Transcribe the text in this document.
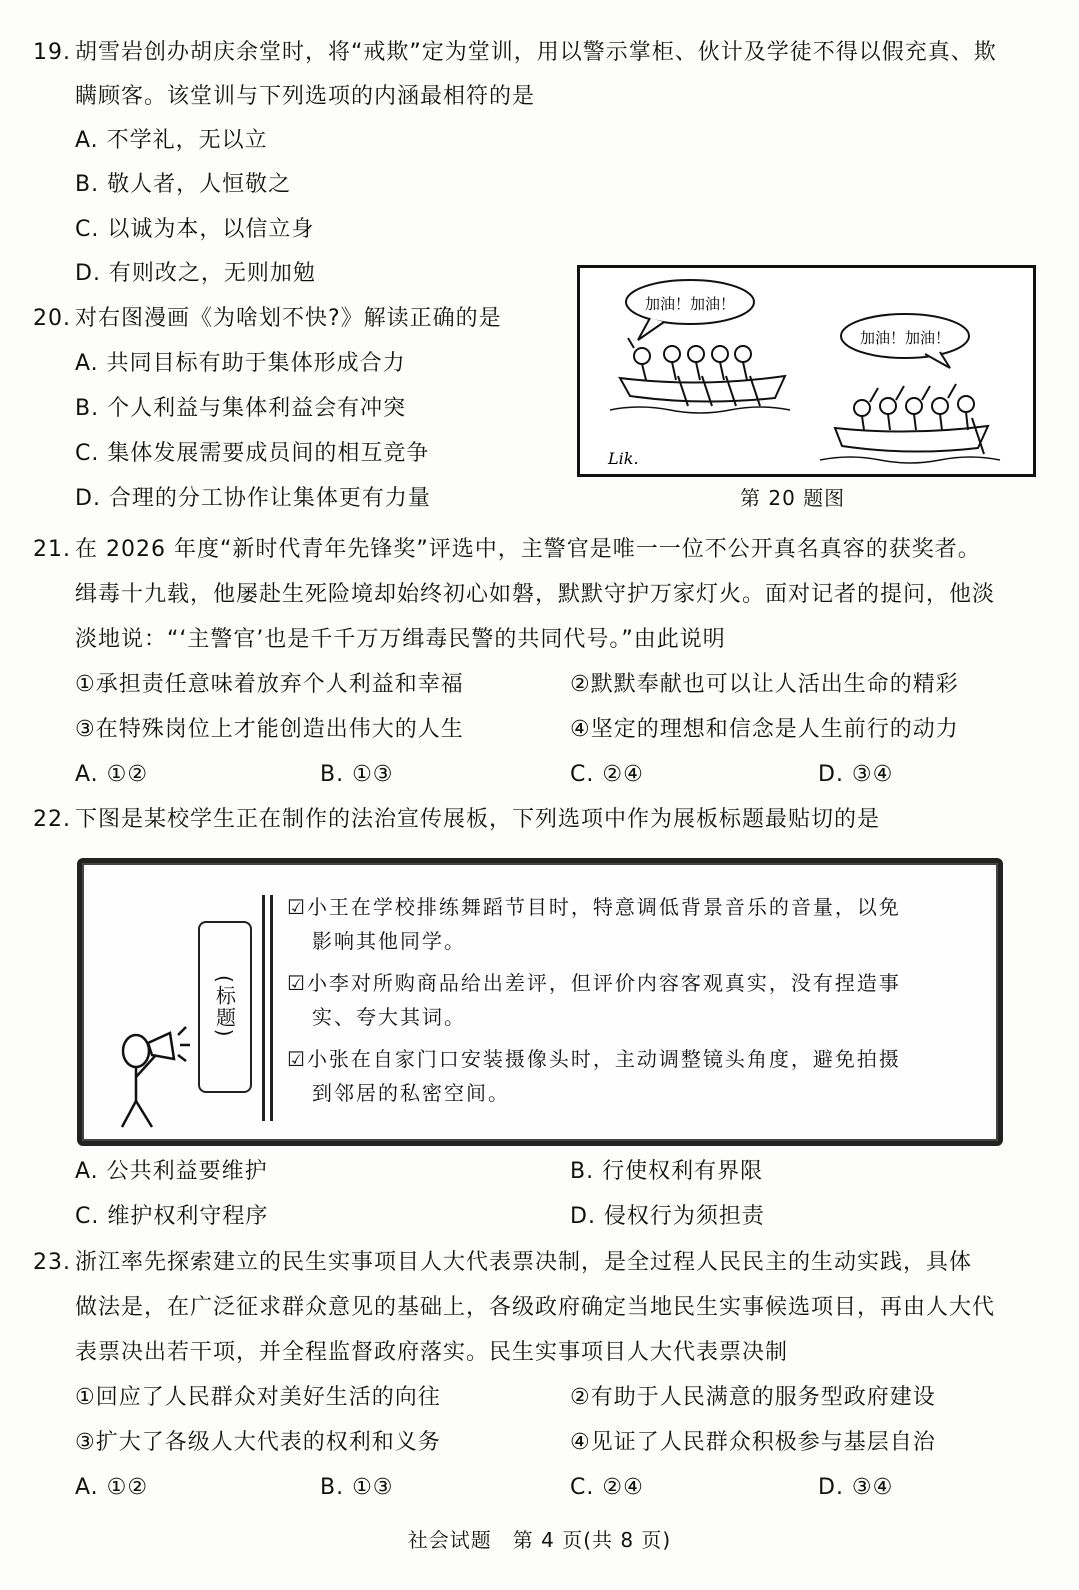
19. 胡雪岩创办胡庆余堂时，将“戒欺”定为堂训，用以警示掌柜、伙计及学徒不得以假充真、欺
瞒顾客。该堂训与下列选项的内涵最相符的是
A. 不学礼，无以立
B. 敬人者，人恒敬之
C. 以诚为本，以信立身
D. 有则改之，无则加勉
20. 对右图漫画《为啥划不快?》解读正确的是
A. 共同目标有助于集体形成合力
B. 个人利益与集体利益会有冲突
C. 集体发展需要成员间的相互竞争
D. 合理的分工协作让集体更有力量
加油！加油！
加油！加油！
Lik.
第 20 题图
21. 在 2026 年度“新时代青年先锋奖”评选中，主警官是唯一一位不公开真名真容的获奖者。
缉毒十九载，他屡赴生死险境却始终初心如磐，默默守护万家灯火。面对记者的提问，他淡
淡地说：“‘主警官’也是千千万万缉毒民警的共同代号。”由此说明
①承担责任意味着放弃个人利益和幸福	②默默奉献也可以让人活出生命的精彩
③在特殊岗位上才能创造出伟大的人生	④坚定的理想和信念是人生前行的动力
A. ①②	B. ①③	C. ②④	D. ③④
22. 下图是某校学生正在制作的法治宣传展板，下列选项中作为展板标题最贴切的是
(标题)
☑小王在学校排练舞蹈节目时，特意调低背景音乐的音量，以免
影响其他同学。
☑小李对所购商品给出差评，但评价内容客观真实，没有捏造事
实、夸大其词。
☑小张在自家门口安装摄像头时，主动调整镜头角度，避免拍摄
到邻居的私密空间。
A. 公共利益要维护	B. 行使权利有界限
C. 维护权利守程序	D. 侵权行为须担责
23. 浙江率先探索建立的民生实事项目人大代表票决制，是全过程人民民主的生动实践，具体
做法是，在广泛征求群众意见的基础上，各级政府确定当地民生实事候选项目，再由人大代
表票决出若干项，并全程监督政府落实。民生实事项目人大代表票决制
①回应了人民群众对美好生活的向往	②有助于人民满意的服务型政府建设
③扩大了各级人大代表的权利和义务	④见证了人民群众积极参与基层自治
A. ①②	B. ①③	C. ②④	D. ③④
社会试题　第 4 页(共 8 页)
